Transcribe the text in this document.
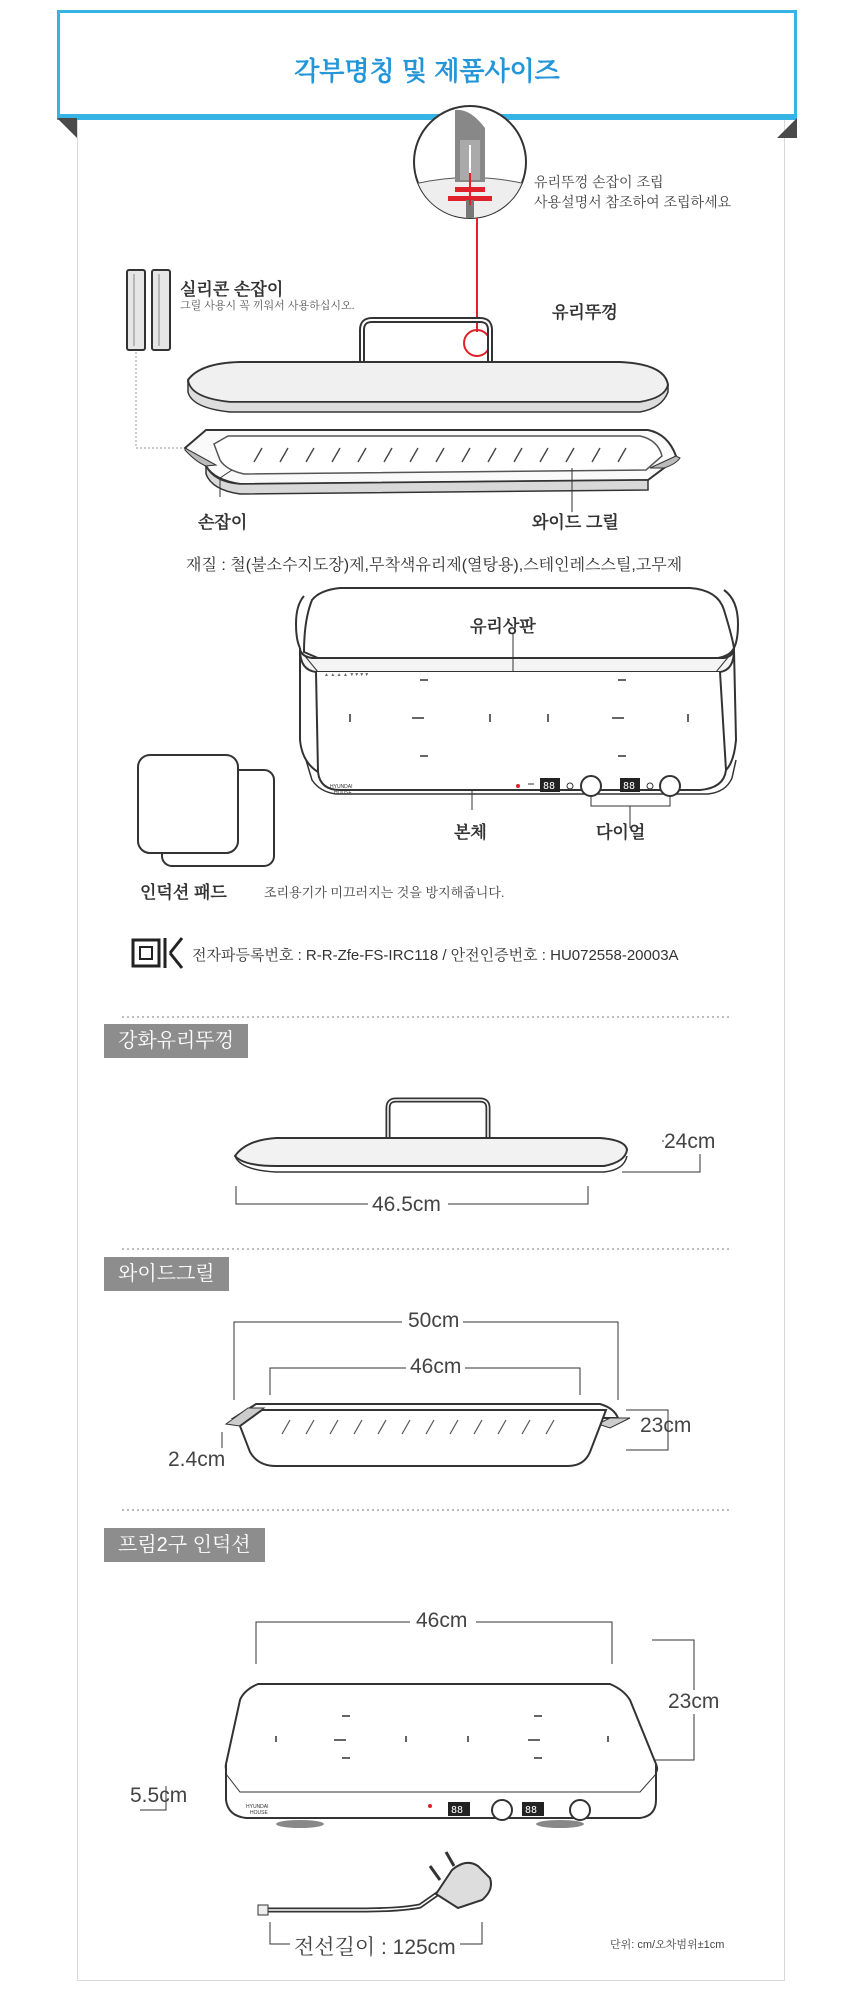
각부명칭 및 제품사이즈
▲ ▲ ▲ ▲ ▼▼▼▼
HYUNDAI
HOUSE
88	88
HYUNDAI
HOUSE	88	88
유리뚜껑 손잡이 조립
사용설명서 참조하여 조립하세요
실리콘 손잡이
그릴 사용시 꼭 끼워서 사용하십시오.	유리뚜껑
손잡이	와이드 그릴
재질 : 철(불소수지도장)제,무착색유리제(열탕용),스테인레스스틸,고무제
유리상판
본체	다이얼
인덕션 패드	조리용기가 미끄러지는 것을 방지해줍니다.
전자파등록번호 : R-R-Zfe-FS-IRC118 / 안전인증번호 : HU072558-20003A
강화유리뚜껑
46.5cm
24cm
와이드그릴
50cm
46cm
2.4cm
23cm
프림2구 인덕션
46cm
23cm
5.5cm
전선길이 : 125cm	단위: cm/오차범위±1cm
